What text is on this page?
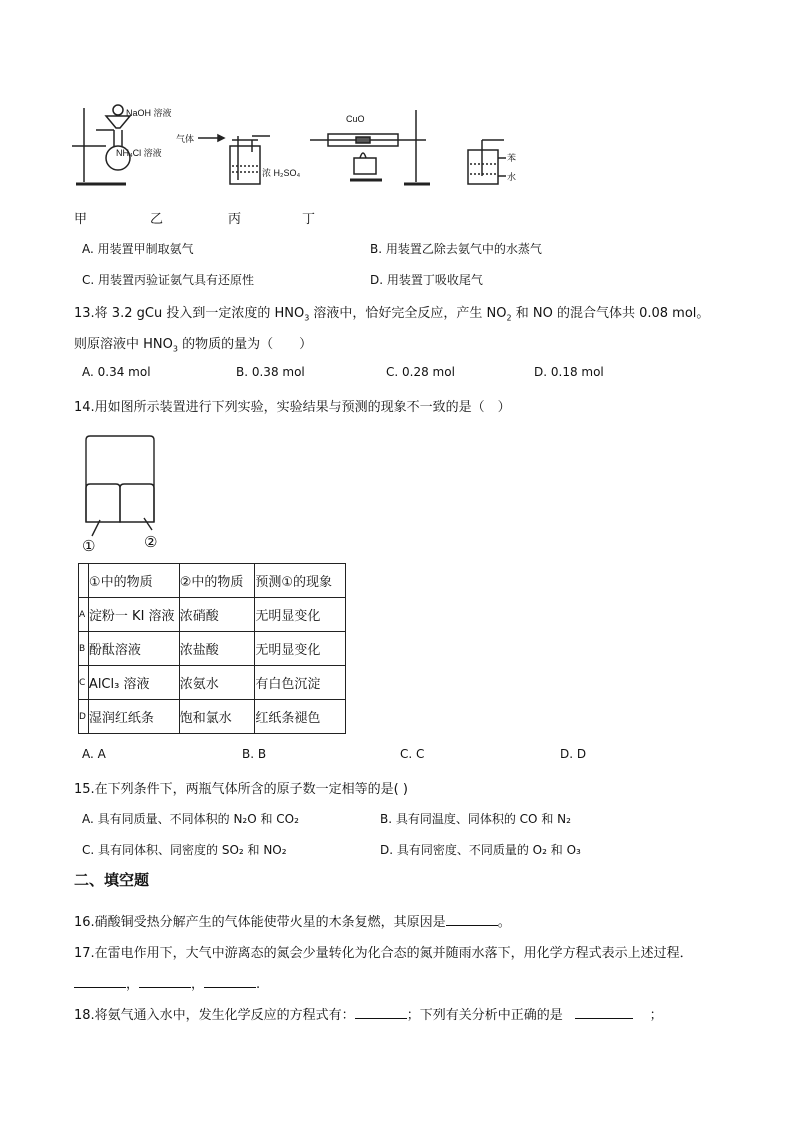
NaOH 溶液
NH₄Cl 溶液
气体
浓 H₂SO₄
CuO
苯
水
甲	乙	丙	丁
A. 用装置甲制取氨气	B. 用装置乙除去氨气中的水蒸气
C. 用装置丙验证氨气具有还原性	D. 用装置丁吸收尾气
13.将 3.2 gCu 投入到一定浓度的 $HNO_3$ 溶液中，恰好完全反应，产生 $NO_2$ 和 NO 的混合气体共 0.08 mol。
则原溶液中 $HNO_3$ 的物质的量为（　　）
A. 0.34 mol	B. 0.38 mol	C. 0.28 mol	D. 0.18 mol
14.用如图所示装置进行下列实验，实验结果与预测的现象不一致的是（　）
①	②
	①中的物质	②中的物质	预测①的现象
A	淀粉一 KI 溶液	浓硝酸	无明显变化
B	酚酞溶液	浓盐酸	无明显变化
C	AlCl₃ 溶液	浓氨水	有白色沉淀
D	湿润红纸条	饱和氯水	红纸条褪色
A. A	B. B	C. C	D. D
15.在下列条件下，两瓶气体所含的原子数一定相等的是( )
A. 具有同质量、不同体积的 N₂O 和 CO₂	B. 具有同温度、同体积的 CO 和 N₂
C. 具有同体积、同密度的 SO₂ 和 NO₂	D. 具有同密度、不同质量的 O₂ 和 O₃
二、填空题
16.硝酸铜受热分解产生的气体能使带火星的木条复燃，其原因是	。
17.在雷电作用下，大气中游离态的氮会少量转化为化合态的氮并随雨水落下，用化学方程式表示上述过程．
，	，	.
18.将氨气通入水中，发生化学反应的方程式有：	；下列有关分析中正确的是	；
